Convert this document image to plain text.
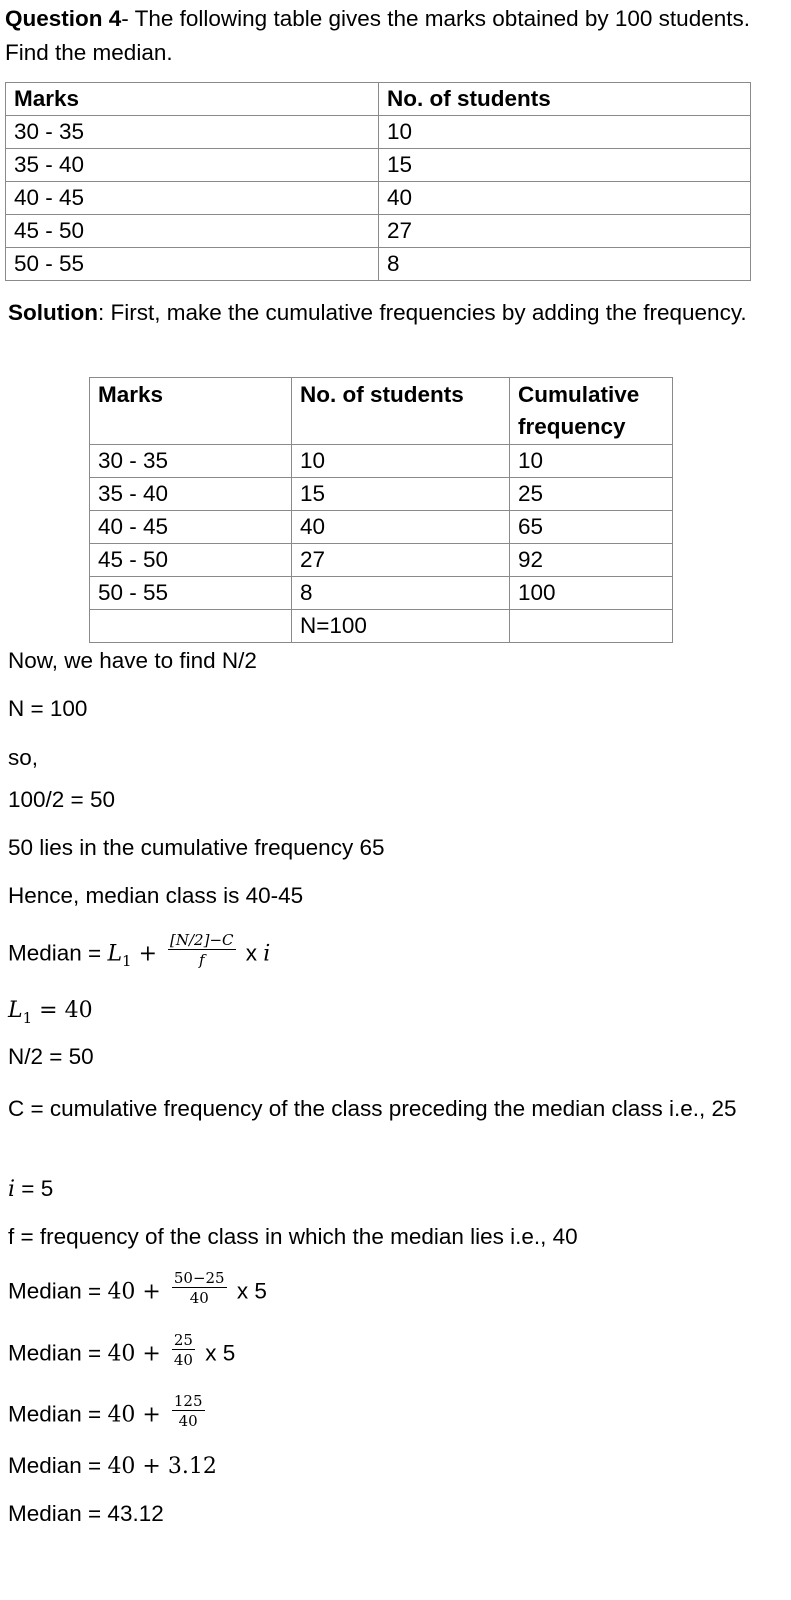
Question 4- The following table gives the marks obtained by 100 students. Find the median.
Marks	No. of students
30 - 35	10
35 - 40	15
40 - 45	40
45 - 50	27
50 - 55	8
Solution: First, make the cumulative frequencies by adding the frequency.
Marks	No. of students	Cumulative frequency
30 - 35	10	10
35 - 40	15	25
40 - 45	40	65
45 - 50	27	92
50 - 55	8	100
	N=100	
Now, we have to find N/2
N = 100
so,
100/2 = 50
50 lies in the cumulative frequency 65
Hence, median class is 40-45
Median = $L_1 + \frac{[N/2]-C}{f}$ x i
$L_1 = 40$
N/2 = 50
C = cumulative frequency of the class preceding the median class i.e., 25
i = 5
f = frequency of the class in which the median lies i.e., 40
Median = $40 + \frac{50-25}{40}$ x 5
Median = $40 + \frac{25}{40}$ x 5
Median = $40 + \frac{125}{40}$
Median = 40 + 3.12
Median = 43.12
